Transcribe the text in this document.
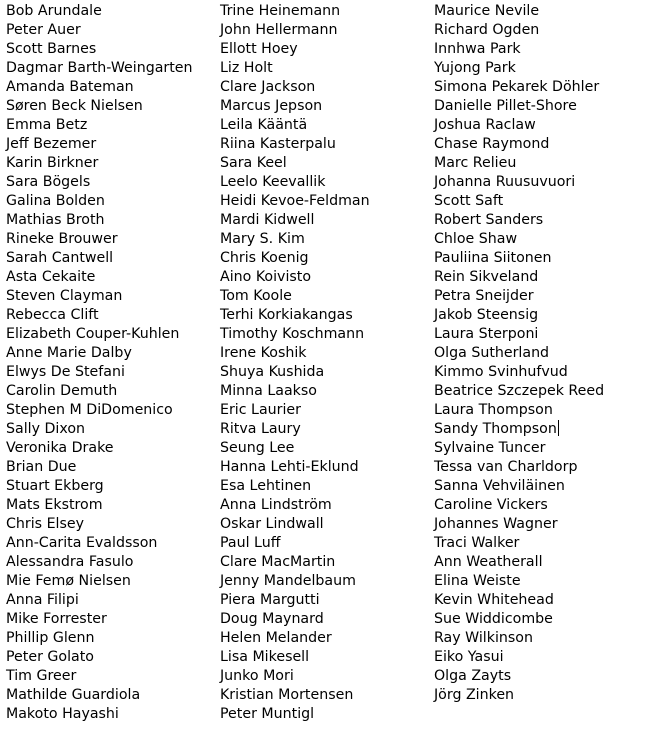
Bob Arundale
Peter Auer
Scott Barnes
Dagmar Barth-Weingarten
Amanda Bateman
Søren Beck Nielsen
Emma Betz
Jeff Bezemer
Karin Birkner
Sara Bögels
Galina Bolden
Mathias Broth
Rineke Brouwer
Sarah Cantwell
Asta Cekaite
Steven Clayman
Rebecca Clift
Elizabeth Couper-Kuhlen
Anne Marie Dalby
Elwys De Stefani
Carolin Demuth
Stephen M DiDomenico
Sally Dixon
Veronika Drake
Brian Due
Stuart Ekberg
Mats Ekstrom
Chris Elsey
Ann-Carita Evaldsson
Alessandra Fasulo
Mie Femø Nielsen
Anna Filipi
Mike Forrester
Phillip Glenn
Peter Golato
Tim Greer
Mathilde Guardiola
Makoto Hayashi
Trine Heinemann
John Hellermann
Ellott Hoey
Liz Holt
Clare Jackson
Marcus Jepson
Leila Kääntä
Riina Kasterpalu
Sara Keel
Leelo Keevallik
Heidi Kevoe-Feldman
Mardi Kidwell
Mary S. Kim
Chris Koenig
Aino Koivisto
Tom Koole
Terhi Korkiakangas
Timothy Koschmann
Irene Koshik
Shuya Kushida
Minna Laakso
Eric Laurier
Ritva Laury
Seung Lee
Hanna Lehti-Eklund
Esa Lehtinen
Anna Lindström
Oskar Lindwall
Paul Luff
Clare MacMartin
Jenny Mandelbaum
Piera Margutti
Doug Maynard
Helen Melander
Lisa Mikesell
Junko Mori
Kristian Mortensen
Peter Muntigl
Maurice Nevile
Richard Ogden
Innhwa Park
Yujong Park
Simona Pekarek Döhler
Danielle Pillet-Shore
Joshua Raclaw
Chase Raymond
Marc Relieu
Johanna Ruusuvuori
Scott Saft
Robert Sanders
Chloe Shaw
Pauliina Siitonen
Rein Sikveland
Petra Sneijder
Jakob Steensig
Laura Sterponi
Olga Sutherland
Kimmo Svinhufvud
Beatrice Szczepek Reed
Laura Thompson
Sandy Thompson
Sylvaine Tuncer
Tessa van Charldorp
Sanna Vehviläinen
Caroline Vickers
Johannes Wagner
Traci Walker
Ann Weatherall
Elina Weiste
Kevin Whitehead
Sue Widdicombe
Ray Wilkinson
Eiko Yasui
Olga Zayts
Jörg Zinken
